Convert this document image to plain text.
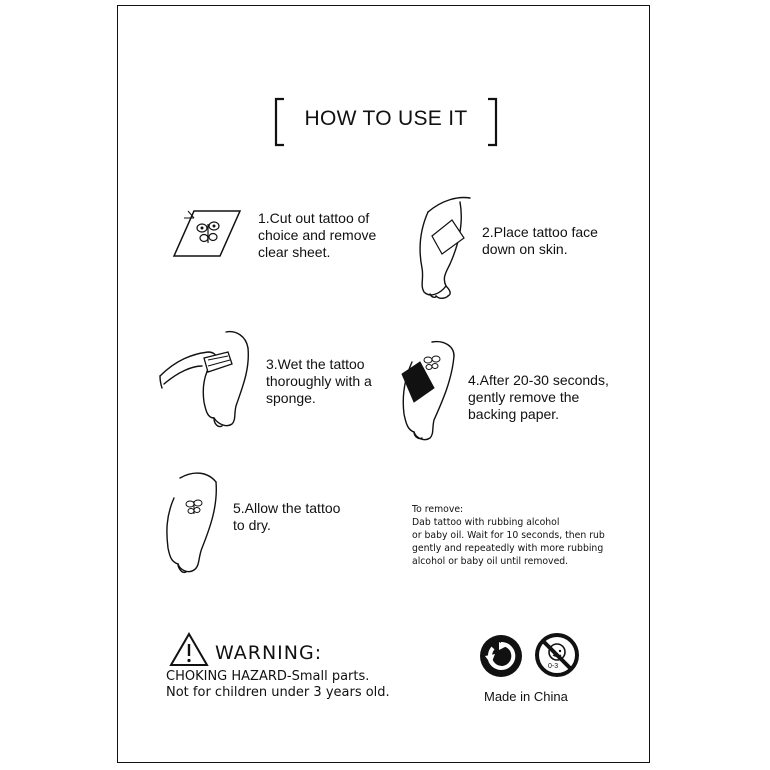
HOW TO USE IT
1.Cut out tattoo of
choice and remove
clear sheet.
2.Place tattoo face
down on skin.
3.Wet the tattoo
thoroughly with a
sponge.
4.After 20-30 seconds,
gently remove the
backing paper.
5.Allow the tattoo
to dry.
To remove:
Dab tattoo with rubbing alcohol
or baby oil. Wait for 10 seconds, then rub
gently and repeatedly with more rubbing
alcohol or baby oil until removed.
WARNING:
CHOKING HAZARD-Small parts.
Not for children under 3 years old.
0-3
Made in China
